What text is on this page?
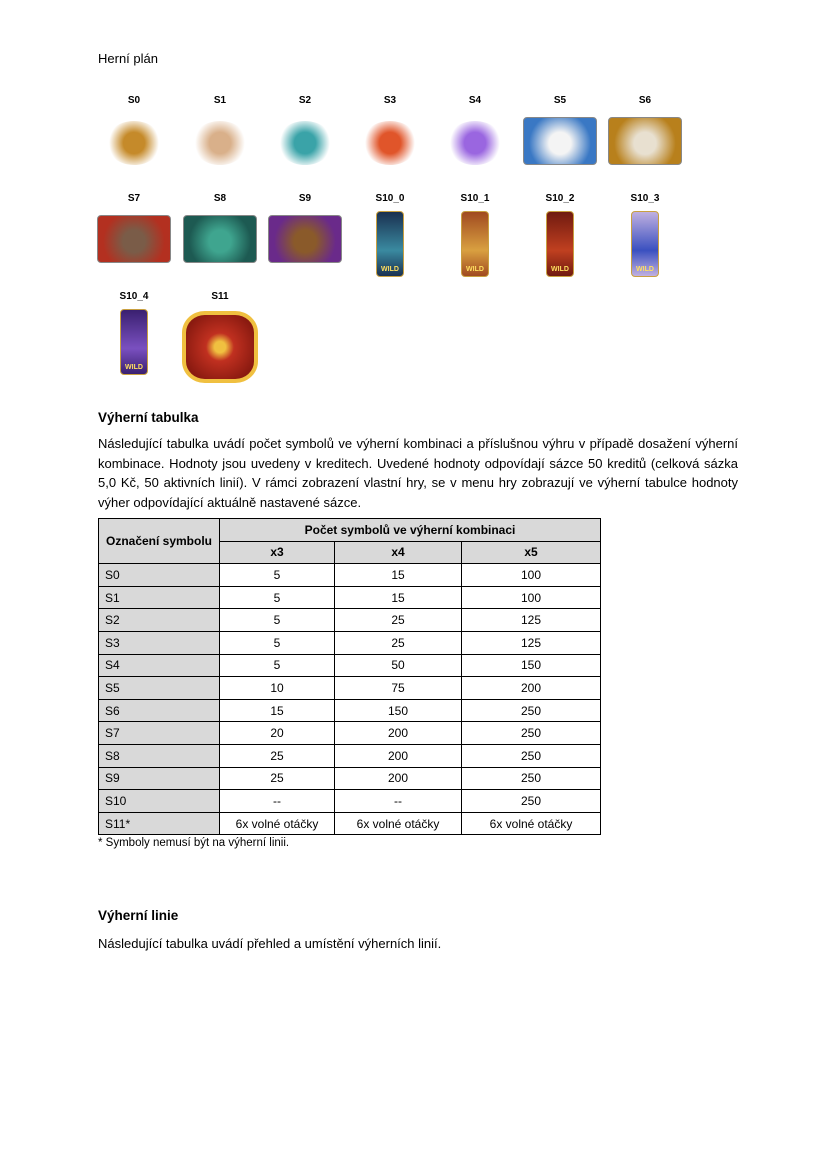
Herní plán
S0	S1	S2	S3	S4	S5	S6
S7	S8	S9	S10_0
WILD
S10_1
WILD
S10_2
WILD
S10_3
WILD
S10_4
WILD
S11
Výherní tabulka
Následující tabulka uvádí počet symbolů ve výherní kombinaci a příslušnou výhru v případě dosažení výherní kombinace. Hodnoty jsou uvedeny v kreditech. Uvedené hodnoty odpovídají sázce 50 kreditů (celková sázka 5,0 Kč, 50 aktivních linií). V rámci zobrazení vlastní hry, se v menu hry zobrazují ve výherní tabulce hodnoty výher odpovídající aktuálně nastavené sázce.
Označení symbolu	Počet symbolů ve výherní kombinaci		
	x3	x4	x5
S0	5	15	100
S1	5	15	100
S2	5	25	125
S3	5	25	125
S4	5	50	150
S5	10	75	200
S6	15	150	250
S7	20	200	250
S8	25	200	250
S9	25	200	250
S10	--	--	250
S11*	6x volné otáčky	6x volné otáčky	6x volné otáčky
* Symboly nemusí být na výherní linii.
Výherní linie
Následující tabulka uvádí přehled a umístění výherních linií.
